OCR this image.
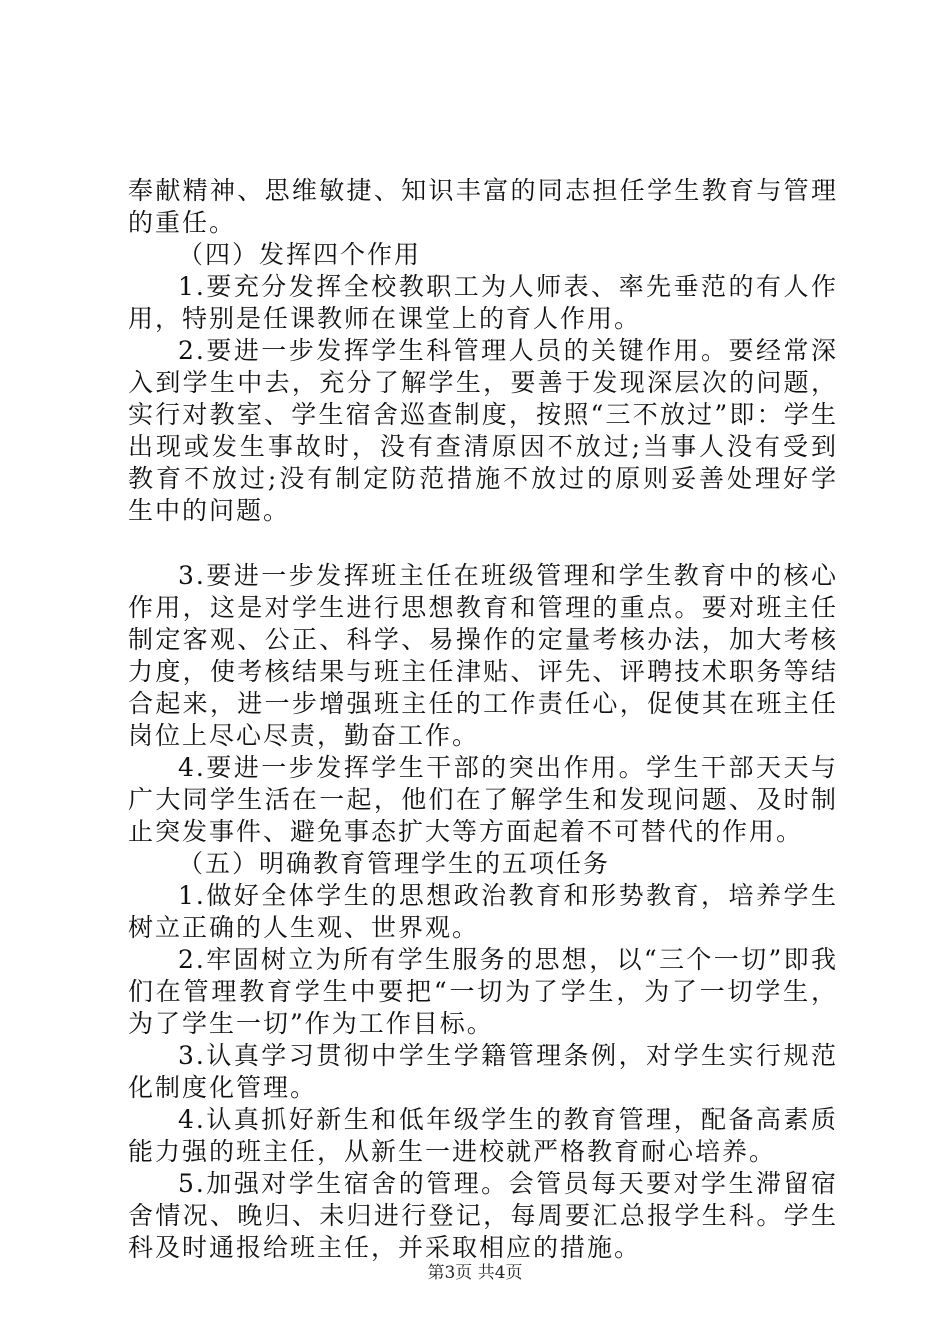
奉献精神、思维敏捷、知识丰富的同志担任学生教育与管理的重任。

（四）发挥四个作用

1.要充分发挥全校教职工为人师表、率先垂范的有人作用，特别是任课教师在课堂上的育人作用。

2.要进一步发挥学生科管理人员的关键作用。要经常深入到学生中去，充分了解学生，要善于发现深层次的问题，实行对教室、学生宿舍巡查制度，按照“三不放过”即：学生出现或发生事故时，没有查清原因不放过;当事人没有受到教育不放过;没有制定防范措施不放过的原则妥善处理好学生中的问题。

3.要进一步发挥班主任在班级管理和学生教育中的核心作用，这是对学生进行思想教育和管理的重点。要对班主任制定客观、公正、科学、易操作的定量考核办法，加大考核力度，使考核结果与班主任津贴、评先、评聘技术职务等结合起来，进一步增强班主任的工作责任心，促使其在班主任岗位上尽心尽责，勤奋工作。

4.要进一步发挥学生干部的突出作用。学生干部天天与广大同学生活在一起，他们在了解学生和发现问题、及时制止突发事件、避免事态扩大等方面起着不可替代的作用。

（五）明确教育管理学生的五项任务

1.做好全体学生的思想政治教育和形势教育，培养学生树立正确的人生观、世界观。

2.牢固树立为所有学生服务的思想，以“三个一切”即我们在管理教育学生中要把“一切为了学生，为了一切学生，为了学生一切”作为工作目标。

3.认真学习贯彻中学生学籍管理条例，对学生实行规范化制度化管理。

4.认真抓好新生和低年级学生的教育管理，配备高素质能力强的班主任，从新生一进校就严格教育耐心培养。

5.加强对学生宿舍的管理。会管员每天要对学生滞留宿舍情况、晚归、未归进行登记，每周要汇总报学生科。学生科及时通报给班主任，并采取相应的措施。

第3页 共4页
